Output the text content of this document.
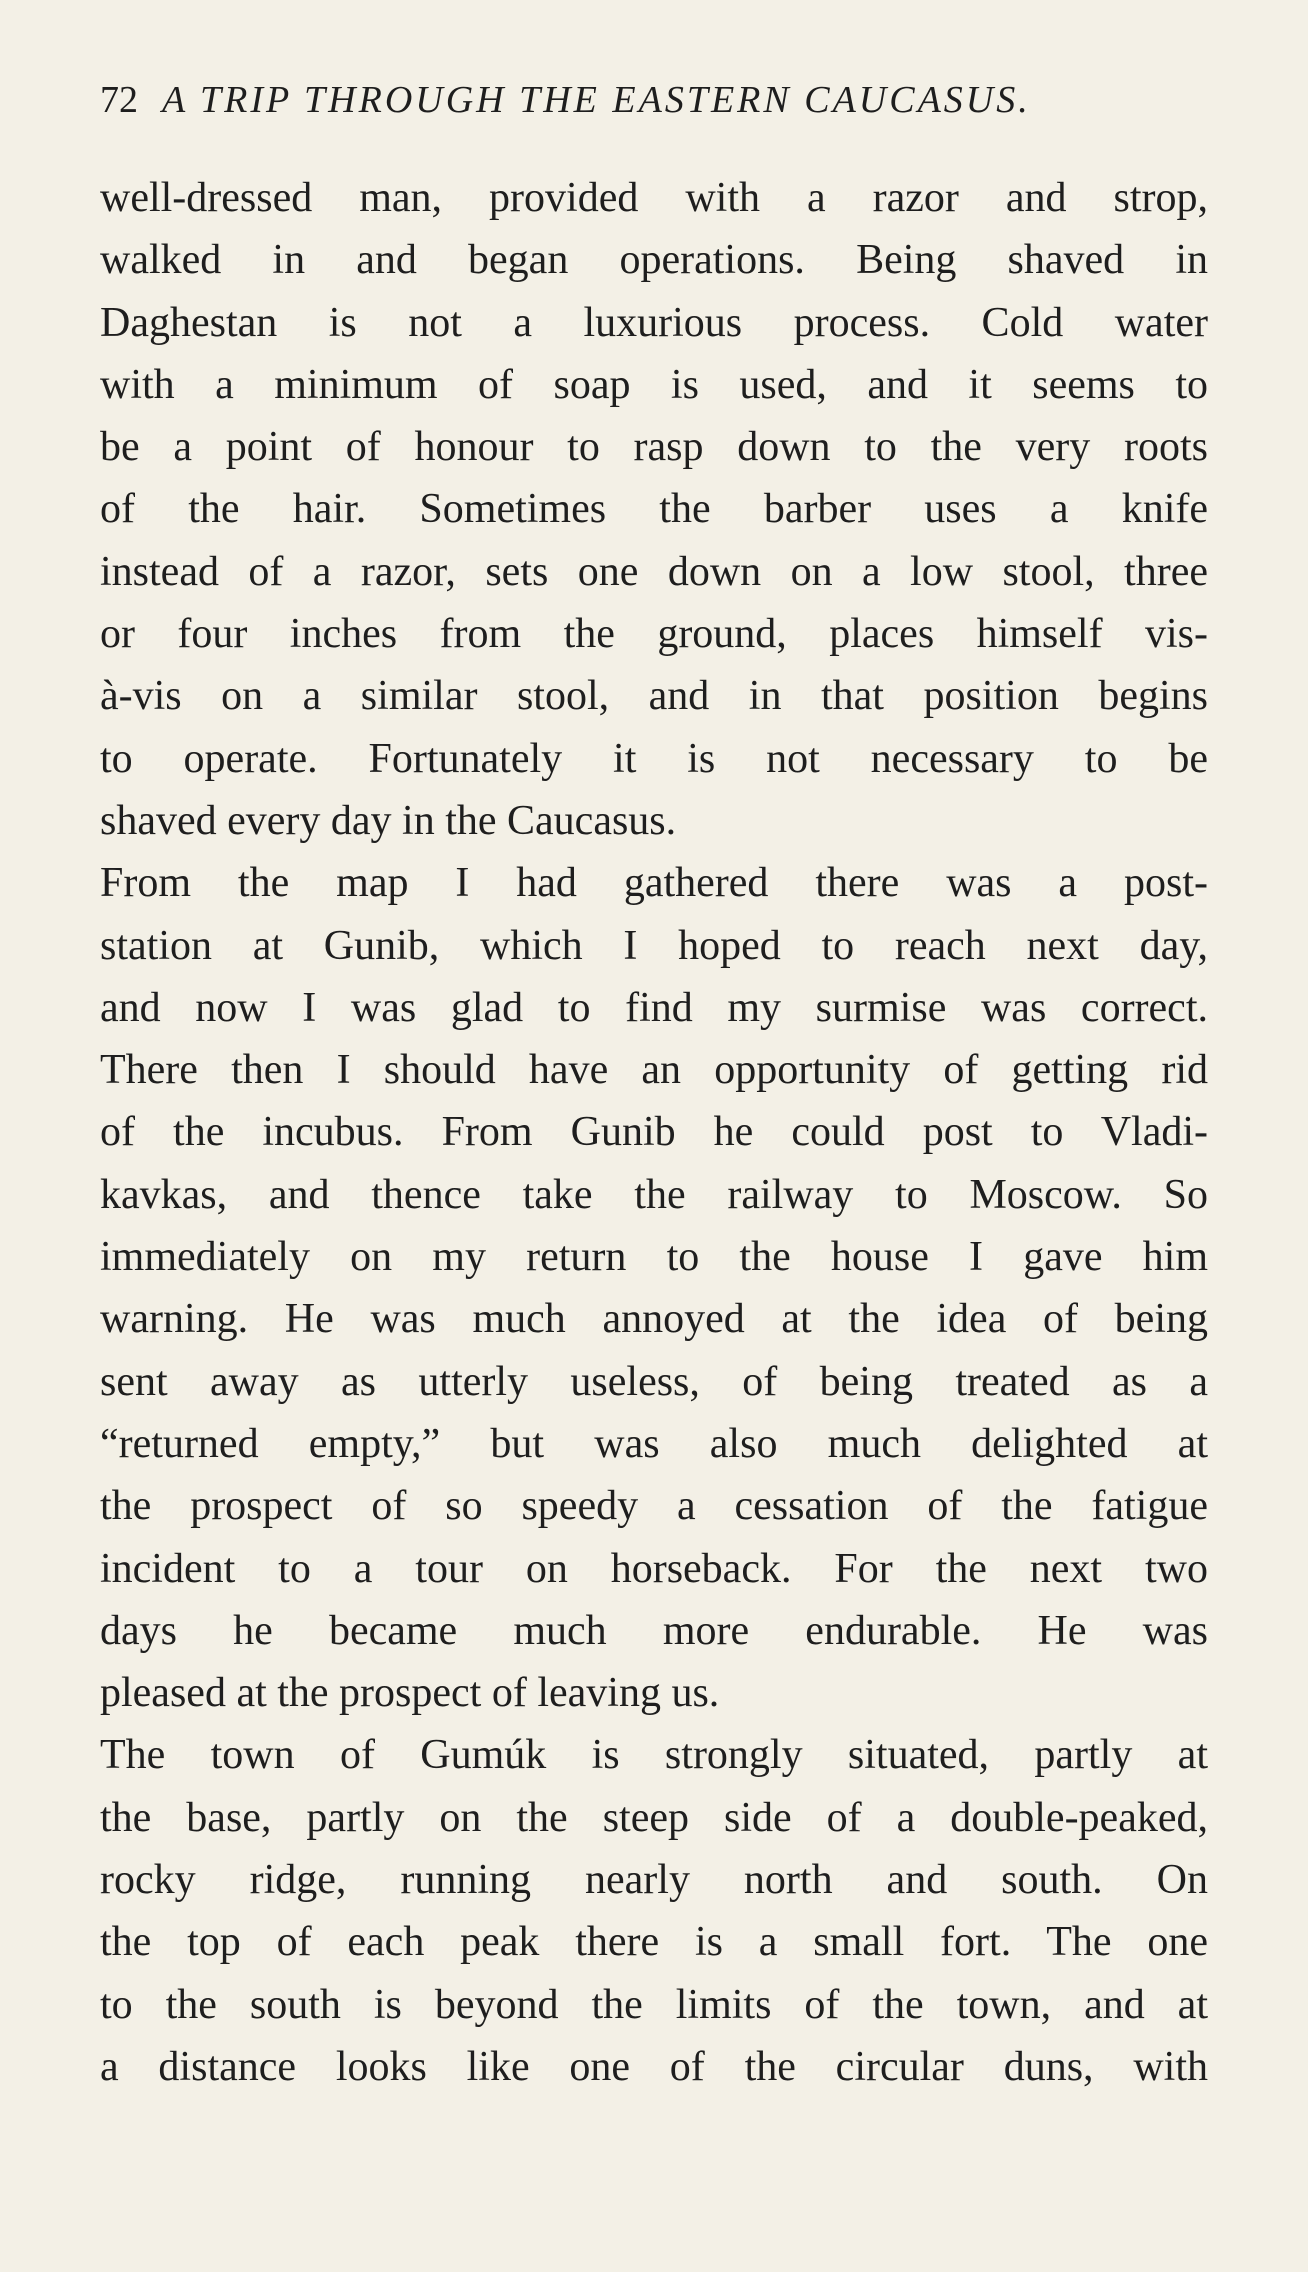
72 A TRIP THROUGH THE EASTERN CAUCASUS.
well-dressed man, provided with a razor and strop,
walked in and began operations. Being shaved in
Daghestan is not a luxurious process. Cold water
with a minimum of soap is used, and it seems to
be a point of honour to rasp down to the very roots
of the hair. Sometimes the barber uses a knife
instead of a razor, sets one down on a low stool, three
or four inches from the ground, places himself vis-
à-vis on a similar stool, and in that position begins
to operate. Fortunately it is not necessary to be
shaved every day in the Caucasus.
From the map I had gathered there was a post-
station at Gunib, which I hoped to reach next day,
and now I was glad to find my surmise was correct.
There then I should have an opportunity of getting rid
of the incubus. From Gunib he could post to Vladi-
kavkas, and thence take the railway to Moscow. So
immediately on my return to the house I gave him
warning. He was much annoyed at the idea of being
sent away as utterly useless, of being treated as a
“returned empty,” but was also much delighted at
the prospect of so speedy a cessation of the fatigue
incident to a tour on horseback. For the next two
days he became much more endurable. He was
pleased at the prospect of leaving us.
The town of Gumúk is strongly situated, partly at
the base, partly on the steep side of a double-peaked,
rocky ridge, running nearly north and south. On
the top of each peak there is a small fort. The one
to the south is beyond the limits of the town, and at
a distance looks like one of the circular duns, with
